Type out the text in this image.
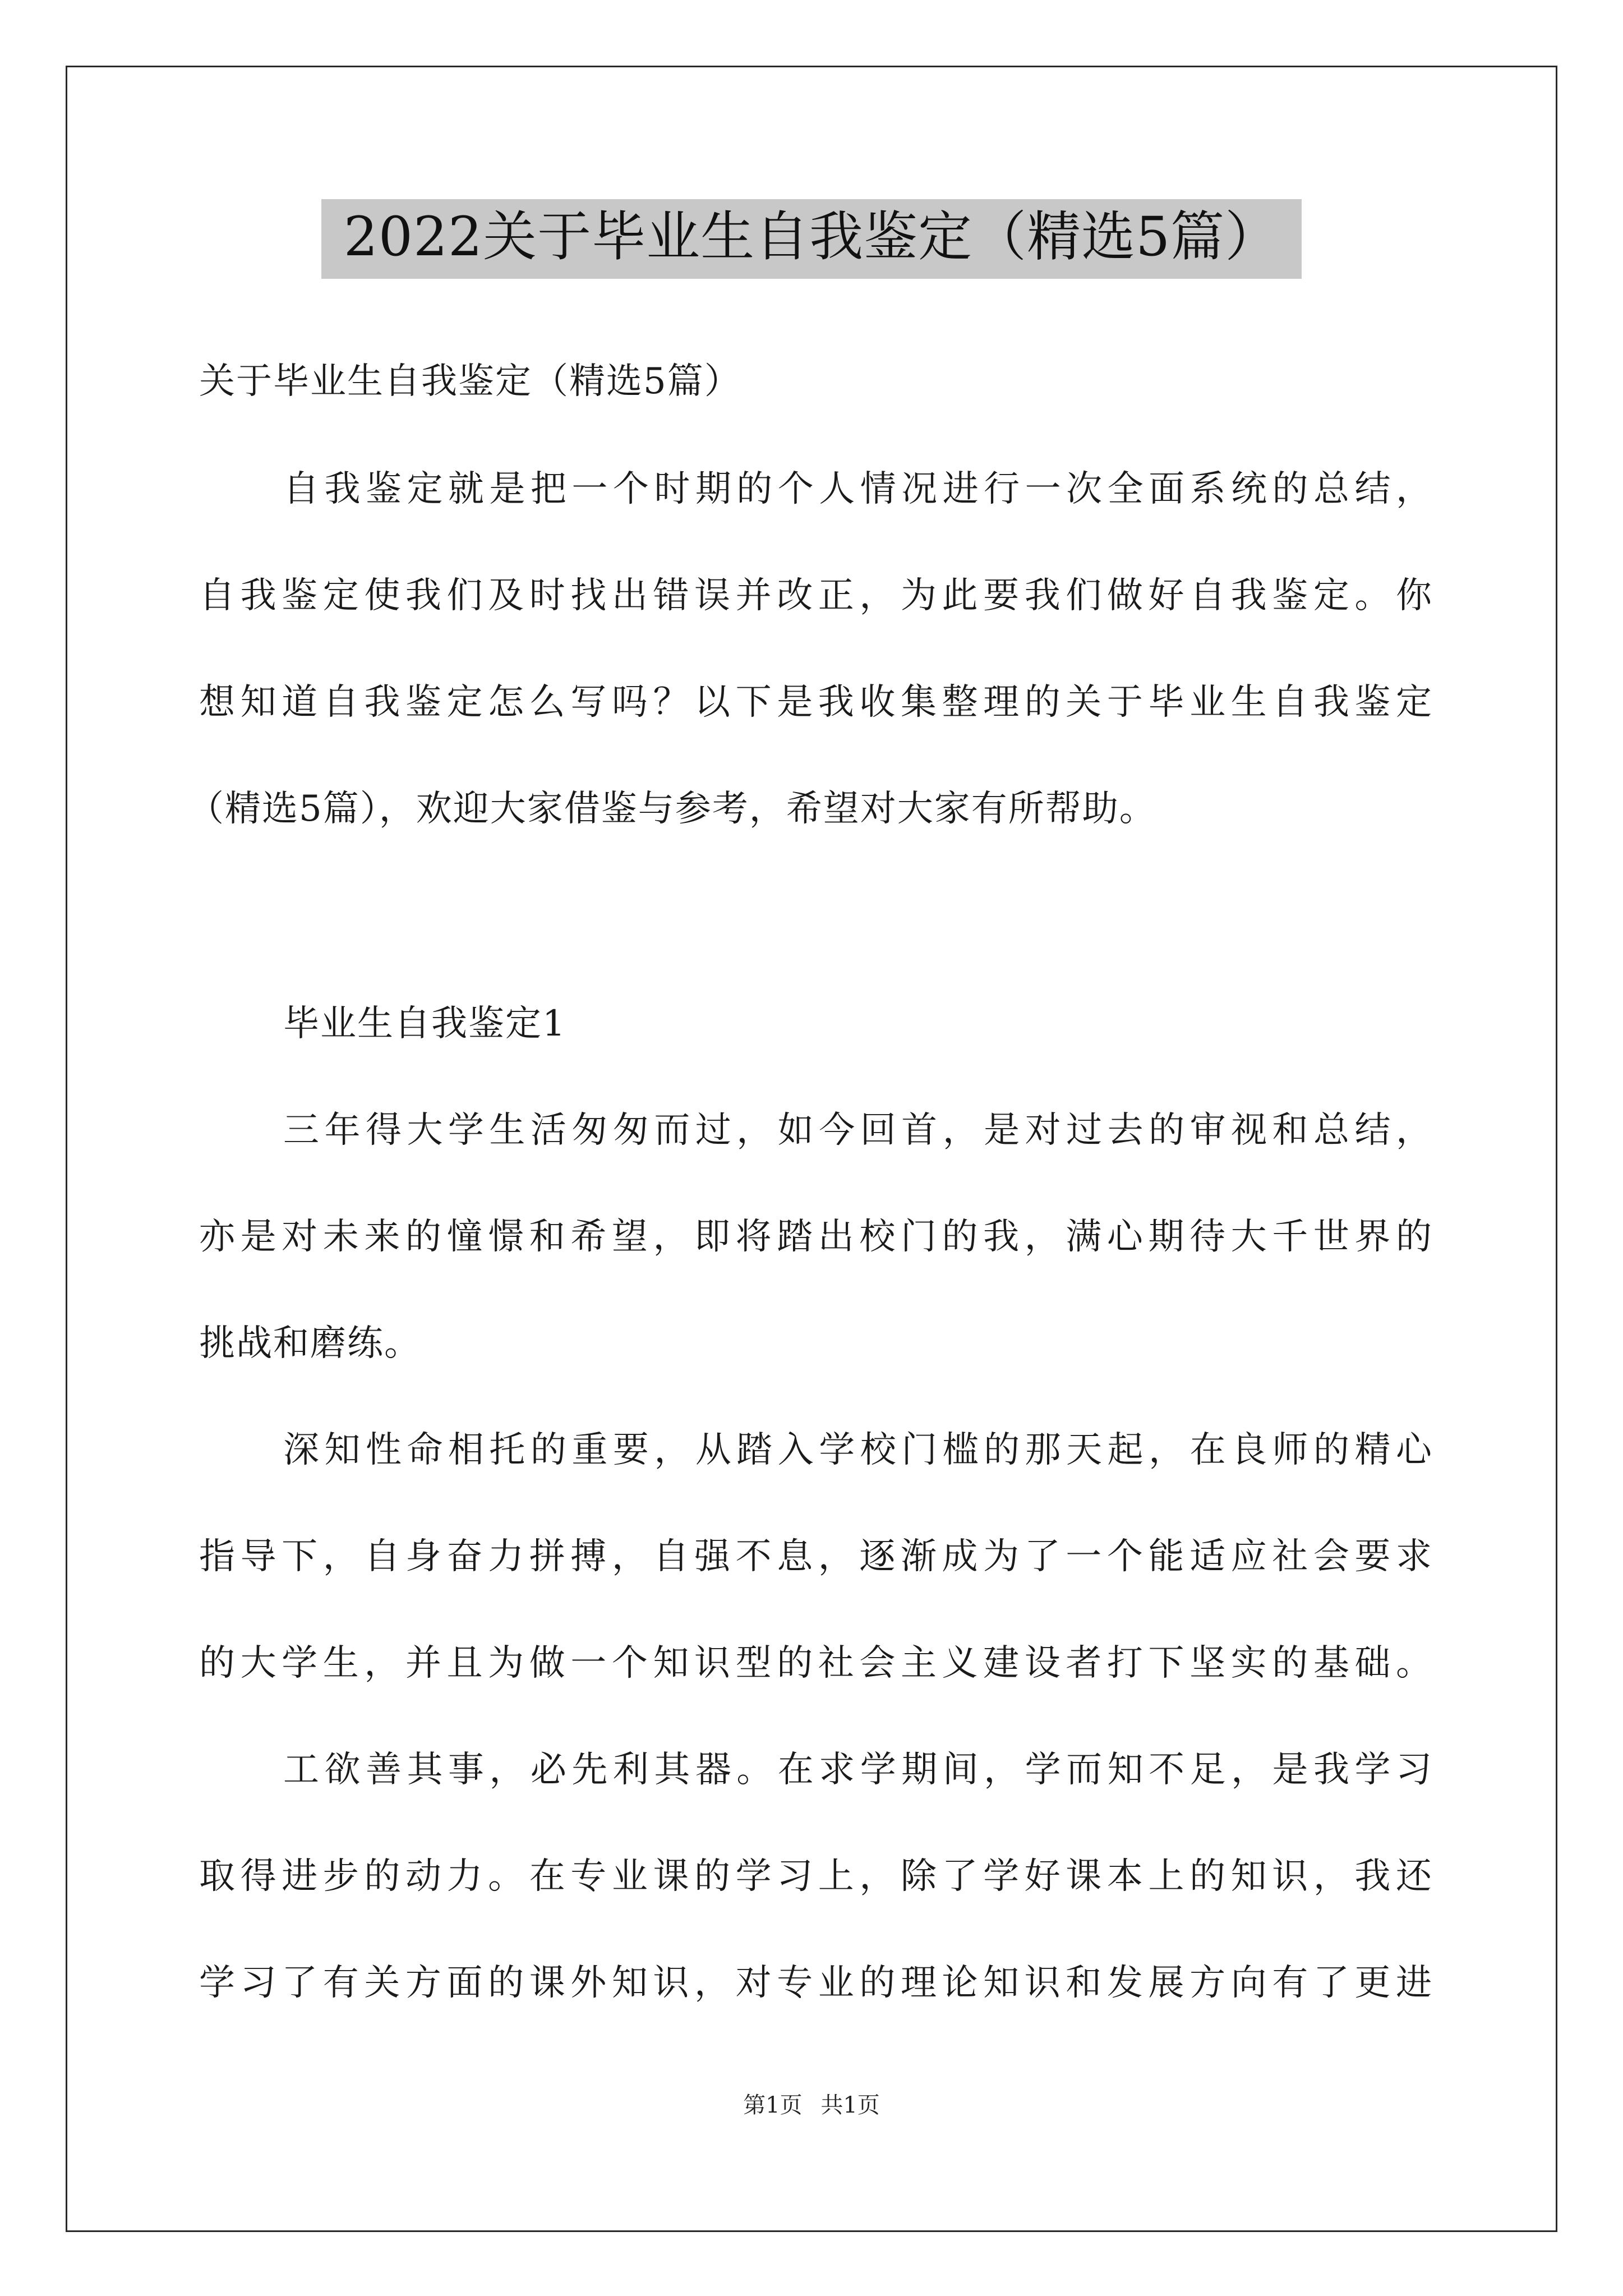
2022关于毕业生自我鉴定（精选5篇）
关于毕业生自我鉴定（精选5篇）
自我鉴定就是把一个时期的个人情况进行一次全面系统的总结，
自我鉴定使我们及时找出错误并改正，为此要我们做好自我鉴定。你
想知道自我鉴定怎么写吗？以下是我收集整理的关于毕业生自我鉴定
（精选5篇），欢迎大家借鉴与参考，希望对大家有所帮助。
毕业生自我鉴定1
三年得大学生活匆匆而过，如今回首，是对过去的审视和总结，
亦是对未来的憧憬和希望，即将踏出校门的我，满心期待大千世界的
挑战和磨练。
深知性命相托的重要，从踏入学校门槛的那天起，在良师的精心
指导下，自身奋力拼搏，自强不息，逐渐成为了一个能适应社会要求
的大学生，并且为做一个知识型的社会主义建设者打下坚实的基础。
工欲善其事，必先利其器。在求学期间，学而知不足，是我学习
取得进步的动力。在专业课的学习上，除了学好课本上的知识，我还
学习了有关方面的课外知识，对专业的理论知识和发展方向有了更进
第1页 共1页
